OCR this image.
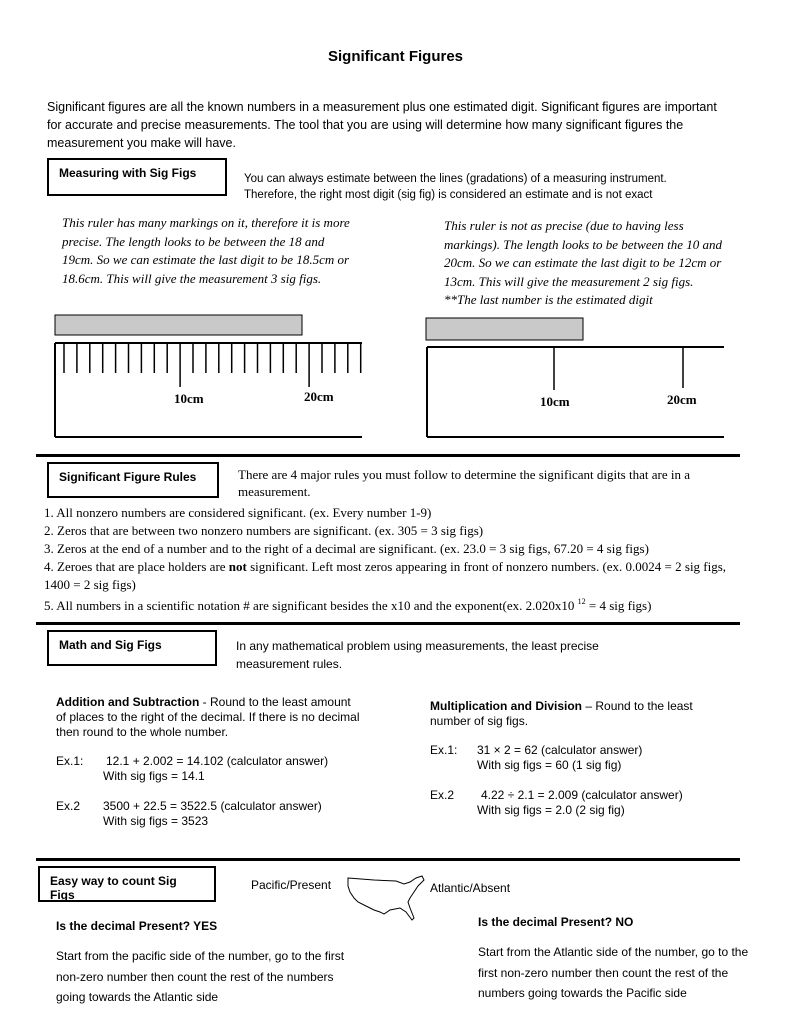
Significant Figures
Significant figures are all the known numbers in a measurement plus one estimated digit. Significant figures are important for accurate and precise measurements. The tool that you are using will determine how many significant figures the measurement you make will have.
Measuring with Sig Figs	You can always estimate between the lines (gradations) of a measuring instrument. Therefore, the right most digit (sig fig) is considered an estimate and is not exact
This ruler has many markings on it, therefore it is more precise. The length looks to be between the 18 and 19cm. So we can estimate the last digit to be 18.5cm or 18.6cm. This will give the measurement 3 sig figs.
This ruler is not as precise (due to having less markings). The length looks to be between the 10 and 20cm. So we can estimate the last digit to be 12cm or 13cm. This will give the measurement 2 sig figs. **The last number is the estimated digit
10cm	20cm	10cm	20cm
Significant Figure Rules	There are 4 major rules you must follow to determine the significant digits that are in a measurement.
1. All nonzero numbers are considered significant. (ex. Every number 1-9)
2. Zeros that are between two nonzero numbers are significant. (ex. 305 = 3 sig figs)
3. Zeros at the end of a number and to the right of a decimal are significant. (ex. 23.0 = 3 sig figs, 67.20 = 4 sig figs)
4. Zeroes that are place holders are not significant. Left most zeros appearing in front of nonzero numbers. (ex. 0.0024 = 2 sig figs, 1400 = 2 sig figs)
5. All numbers in a scientific notation # are significant besides the x10 and the exponent(ex. 2.020x10 $^{12}$ = 4 sig figs)
Math and Sig Figs	In any mathematical problem using measurements, the least precise measurement rules.
Addition and Subtraction - Round to the least amount of places to the right of the decimal. If there is no decimal then round to the whole number.
Ex.1: 12.1 + 2.002 = 14.102 (calculator answer)
With sig figs = 14.1
Ex.2 3500 + 22.5 = 3522.5 (calculator answer)
With sig figs = 3523
Multiplication and Division – Round to the least number of sig figs.
Ex.1: 31 × 2 = 62 (calculator answer)
With sig figs = 60 (1 sig fig)
Ex.2 4.22 ÷ 2.1 = 2.009 (calculator answer)
With sig figs = 2.0 (2 sig fig)
Easy way to count Sig Figs
Pacific/Present	Atlantic/Absent
Is the decimal Present? YES
Start from the pacific side of the number, go to the first non-zero number then count the rest of the numbers going towards the Atlantic side
Is the decimal Present? NO
Start from the Atlantic side of the number, go to the first non-zero number then count the rest of the numbers going towards the Pacific side
